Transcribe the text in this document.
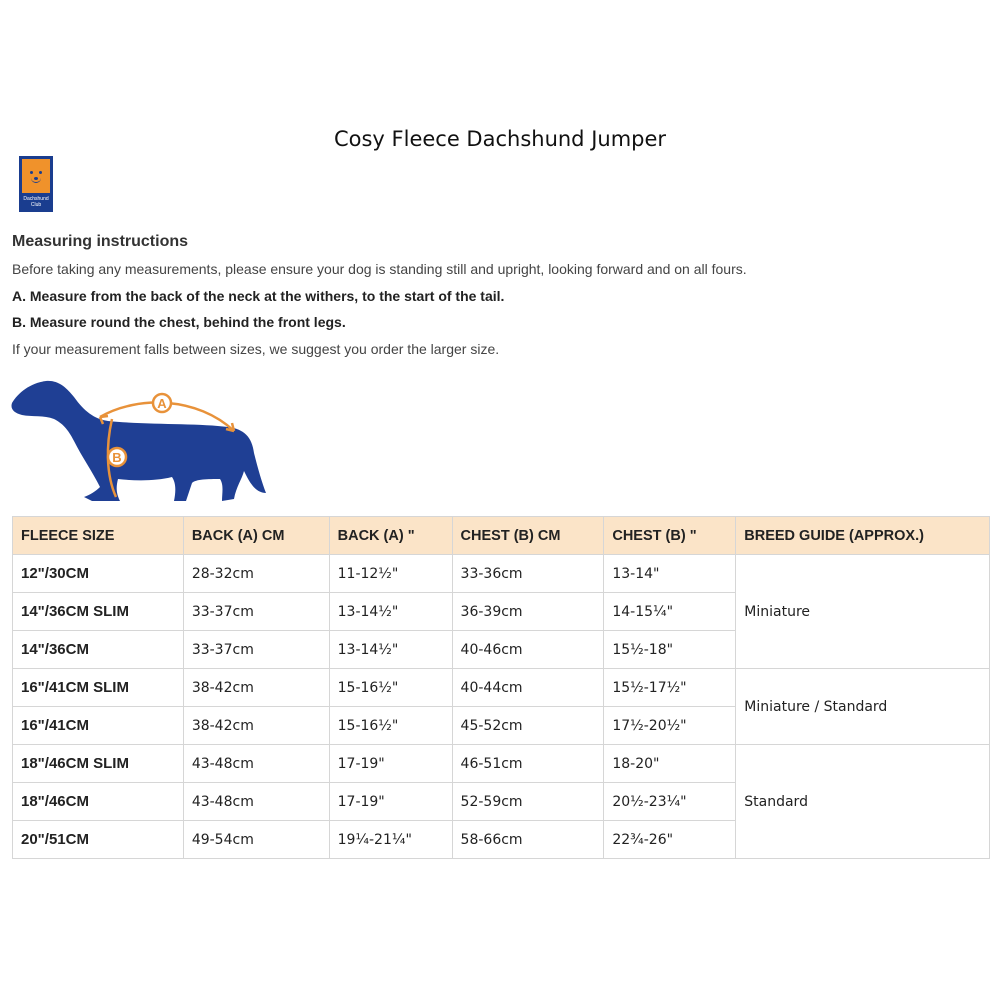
Cosy Fleece Dachshund Jumper
Dachshund
Club
Measuring instructions
Before taking any measurements, please ensure your dog is standing still and upright, looking forward and on all fours.
A. Measure from the back of the neck at the withers, to the start of the tail.
B. Measure round the chest, behind the front legs.
If your measurement falls between sizes, we suggest you order the larger size.
A
B
FLEECE SIZE	BACK (A) CM	BACK (A) "	CHEST (B) CM	CHEST (B) "	BREED GUIDE (APPROX.)
12"/30CM	28-32cm	11-12½"	33-36cm	13-14"	Miniature
14"/36CM SLIM	33-37cm	13-14½"	36-39cm	14-15¼"	
14"/36CM	33-37cm	13-14½"	40-46cm	15½-18"	
16"/41CM SLIM	38-42cm	15-16½"	40-44cm	15½-17½"	Miniature / Standard
16"/41CM	38-42cm	15-16½"	45-52cm	17½-20½"	
18"/46CM SLIM	43-48cm	17-19"	46-51cm	18-20"	Standard
18"/46CM	43-48cm	17-19"	52-59cm	20½-23¼"	
20"/51CM	49-54cm	19¼-21¼"	58-66cm	22¾-26"	
